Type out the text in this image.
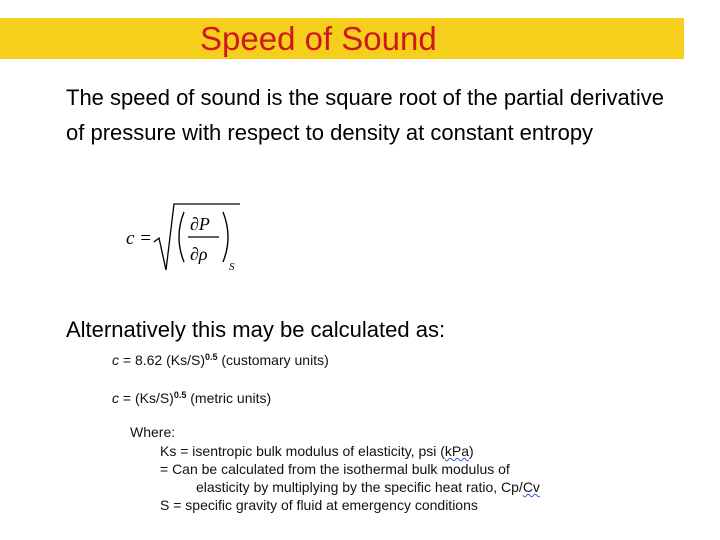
Speed of Sound
The speed of sound is the square root of the partial derivative of pressure with respect to density at constant entropy
c =
∂P
∂ρ
S
Alternatively this may be calculated as:
c = 8.62 $(Ks/S)^{0.5}$ (customary units)
$c = (Ks/S)^{0.5}$ (metric units)
Where:
Ks = isentropic bulk modulus of elasticity, psi (kPa)
= Can be calculated from the isothermal bulk modulus of
elasticity by multiplying by the specific heat ratio, Cp/Cv
S = specific gravity of fluid at emergency conditions
